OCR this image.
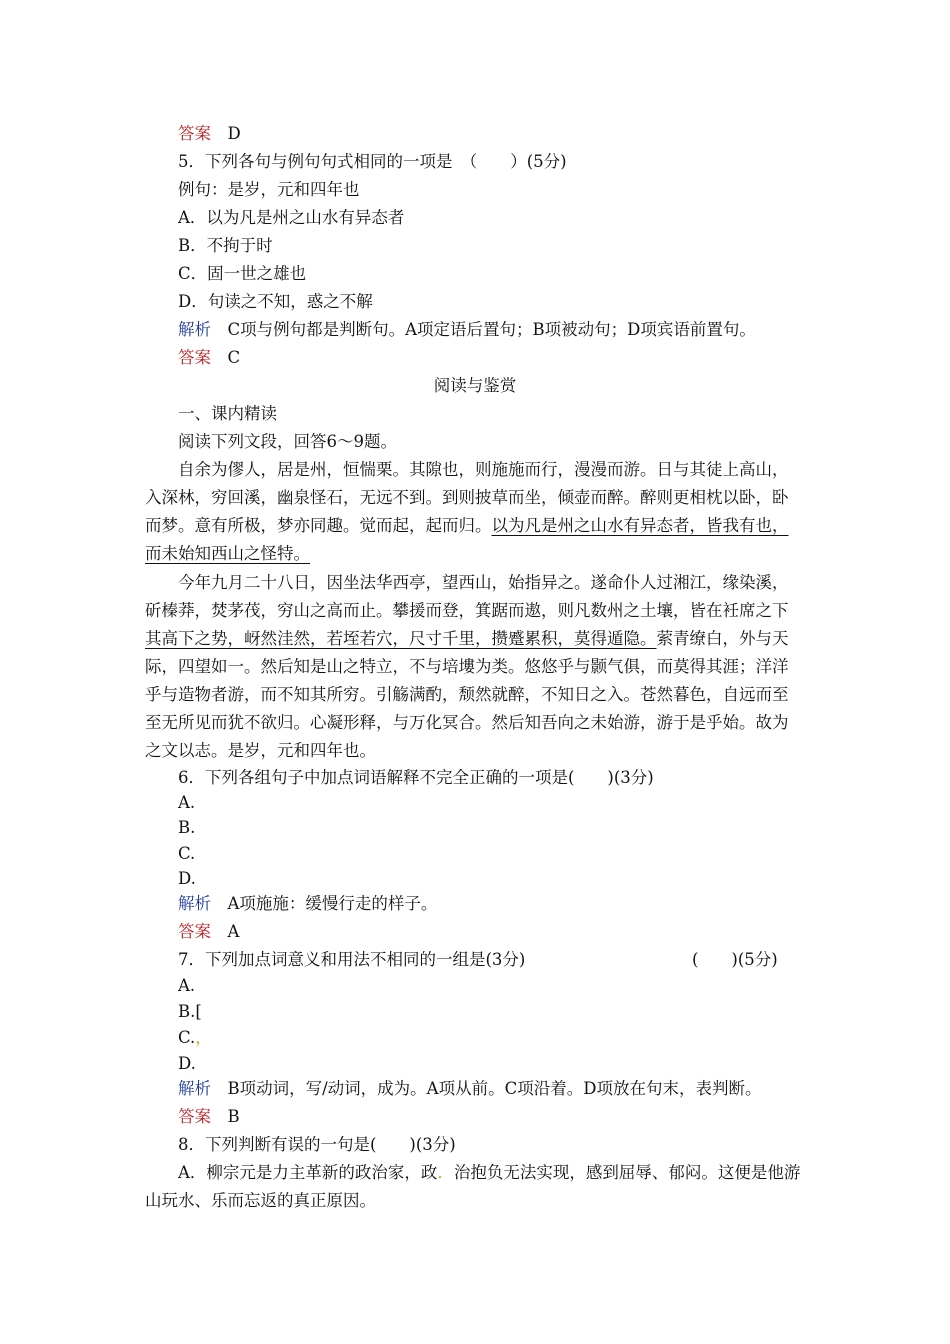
答案　 D
5．下列各句与例句句式相同的一项是　（　　）(5分)
例句：是岁，元和四年也
A．以为凡是州之山水有异态者
B．不拘于时
C．固一世之雄也
D．句读之不知，惑之不解
解析　 C项与例句都是判断句。A项定语后置句；B项被动句；D项宾语前置句。
答案　 C
阅读与鉴赏
一、课内精读
阅读下列文段，回答6～9题。
自余为僇人，居是州，恒惴栗。其隙也，则施施而行，漫漫而游。日与其徒上高山，
入深林，穷回溪，幽泉怪石，无远不到。到则披草而坐，倾壶而醉。醉则更相枕以卧，卧
而梦。意有所极，梦亦同趣。觉而起，起而归。以为凡是州之山水有异态者，皆我有也，
而未始知西山之怪特。
今年九月二十八日，因坐法华西亭，望西山，始指异之。遂命仆人过湘江，缘染溪，
斫榛莽，焚茅茷，穷山之高而止。攀援而登，箕踞而遨，则凡数州之土壤，皆在衽席之下
其高下之势，岈然洼然，若垤若穴，尺寸千里，攒蹙累积，莫得遁隐。萦青缭白，外与天
际，四望如一。然后知是山之特立，不与培塿为类。悠悠乎与颢气俱，而莫得其涯；洋洋
乎与造物者游，而不知其所穷。引觞满酌，颓然就醉，不知日之入。苍然暮色，自远而至
至无所见而犹不欲归。心凝形释，与万化冥合。然后知吾向之未始游，游于是乎始。故为
之文以志。是岁，元和四年也。
6．下列各组句子中加点词语解释不完全正确的一项是(　　)(3分)
A.
B.
C.
D.
解析　 A项施施：缓慢行走的样子。
答案　 A
7．下列加点词意义和用法不相同的一组是(3分)	(　　)(5分)
A.
B.[
C.，
D.
解析　 B项动词，写/动词，成为。A项从前。C项沿着。D项放在句末，表判断。
答案　 B
8．下列判断有误的一句是(　　)(3分)
A．柳宗元是力主革新的政治家，政．治抱负无法实现，感到屈辱、郁闷。这便是他游
山玩水、乐而忘返的真正原因。
